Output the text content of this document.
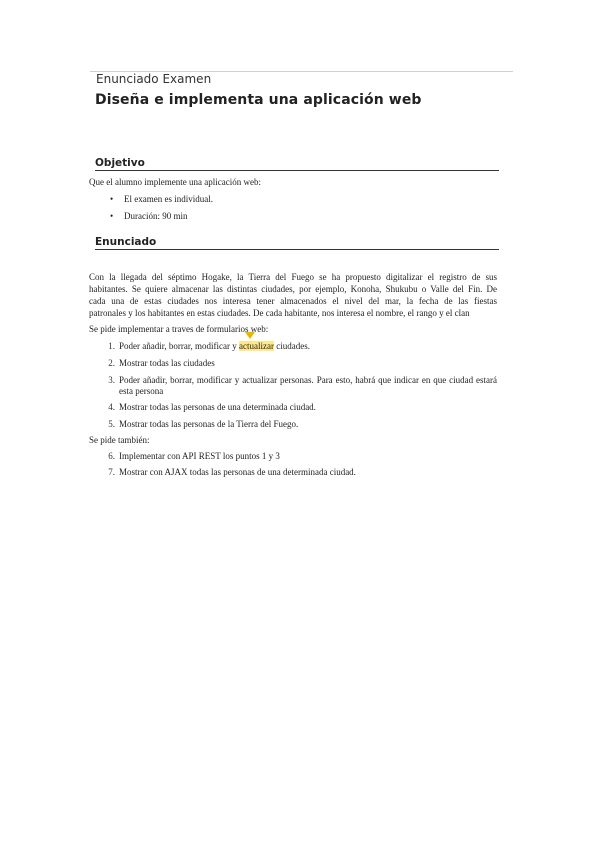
Enunciado Examen
Diseña e implementa una aplicación web
Objetivo
Que el alumno implemente una aplicación web:
• El examen es individual.
• Duración: 90 min
Enunciado
Con la llegada del séptimo Hogake, la Tierra del Fuego se ha propuesto digitalizar el registro de sus
habitantes. Se quiere almacenar las distintas ciudades, por ejemplo, Konoha, Shukubu o Valle del Fin. De
cada una de estas ciudades nos interesa tener almacenados el nivel del mar, la fecha de las fiestas
patronales y los habitantes en estas ciudades. De cada habitante, nos interesa el nombre, el rango y el clan
Se pide implementar a traves de formularios web:
1. Poder añadir, borrar, modificar y actualizar ciudades.
2. Mostrar todas las ciudades
3. Poder añadir, borrar, modificar y actualizar personas. Para esto, habrá que indicar en que ciudad estará esta persona
4. Mostrar todas las personas de una determinada ciudad.
5. Mostrar todas las personas de la Tierra del Fuego.
Se pide también:
6. Implementar con API REST los puntos 1 y 3
7. Mostrar con AJAX todas las personas de una determinada ciudad.
